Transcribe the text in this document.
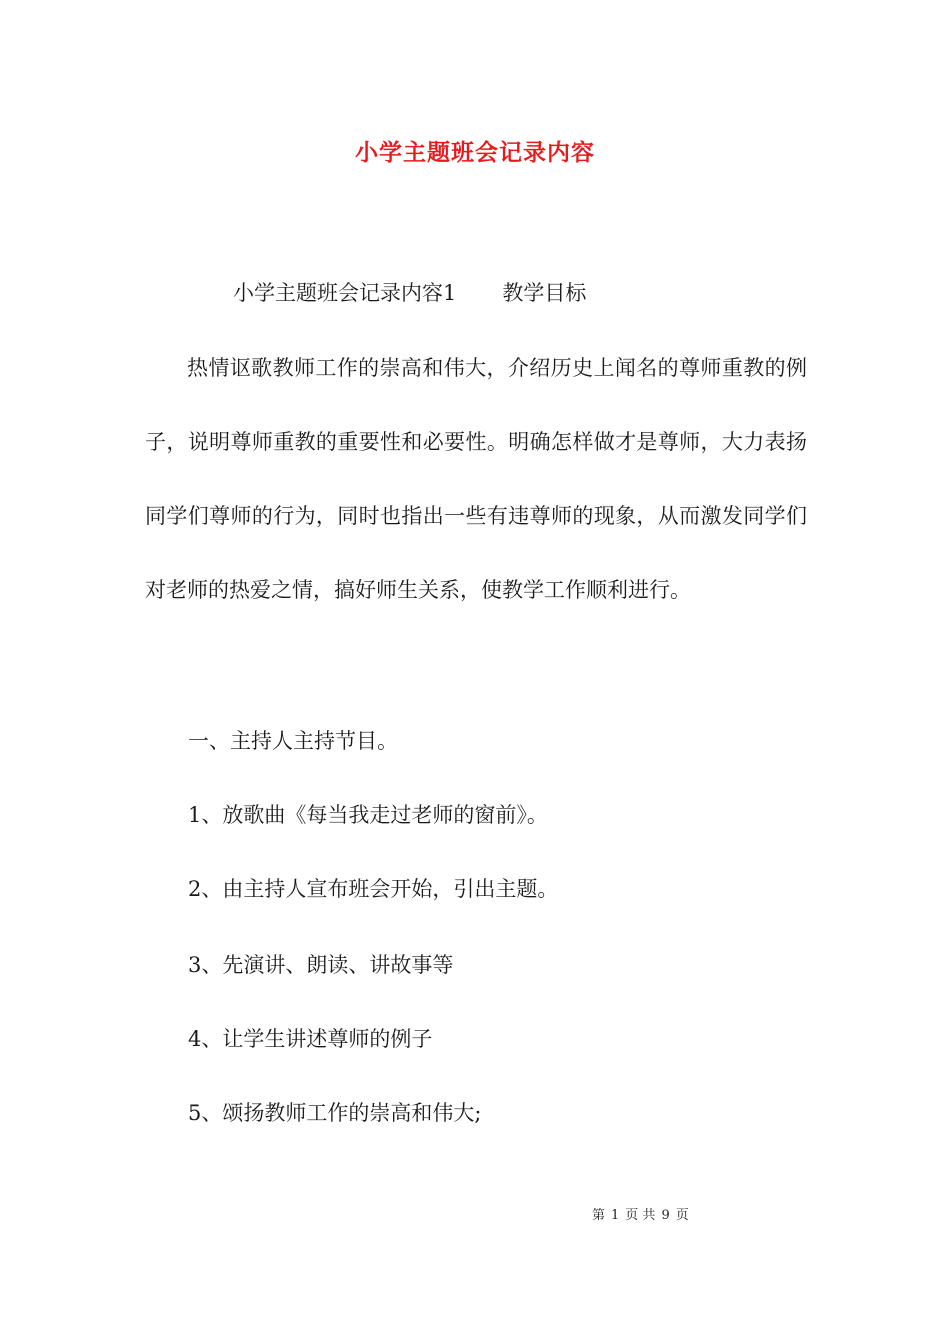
小学主题班会记录内容
小学主题班会记录内容1 教学目标
热情讴歌教师工作的崇高和伟大，介绍历史上闻名的尊师重教的例子，说明尊师重教的重要性和必要性。明确怎样做才是尊师，大力表扬同学们尊师的行为，同时也指出一些有违尊师的现象，从而激发同学们对老师的热爱之情，搞好师生关系，使教学工作顺利进行。
一、主持人主持节目。
1、放歌曲《每当我走过老师的窗前》。
2、由主持人宣布班会开始，引出主题。
3、先演讲、朗读、讲故事等
4、让学生讲述尊师的例子
5、颂扬教师工作的崇高和伟大;
第 1 页 共 9 页
